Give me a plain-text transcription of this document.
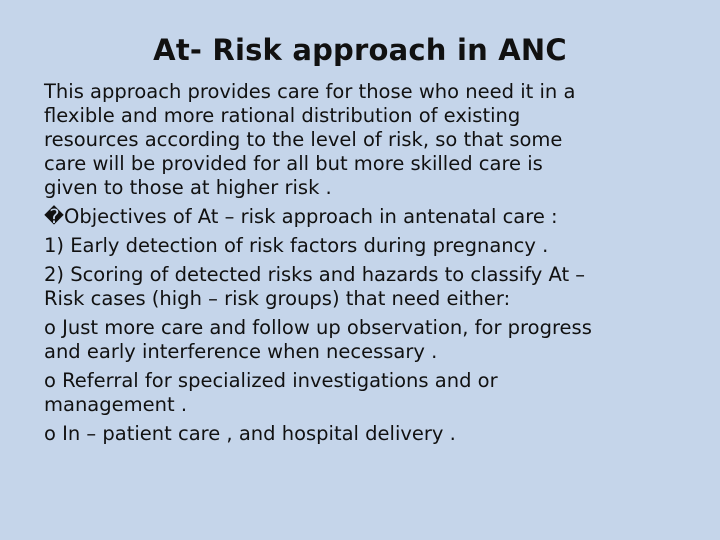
At- Risk approach in ANC

This approach provides care for those who need it in a
flexible and more rational distribution of existing
resources according to the level of risk, so that some
care will be provided for all but more skilled care is
given to those at higher risk .

�Objectives of At – risk approach in antenatal care :

1) Early detection of risk factors during pregnancy .

2) Scoring of detected risks and hazards to classify At –
Risk cases (high – risk groups) that need either:

o Just more care and follow up observation, for progress
and early interference when necessary .

o Referral for specialized investigations and or
management .

o In – patient care , and hospital delivery .
